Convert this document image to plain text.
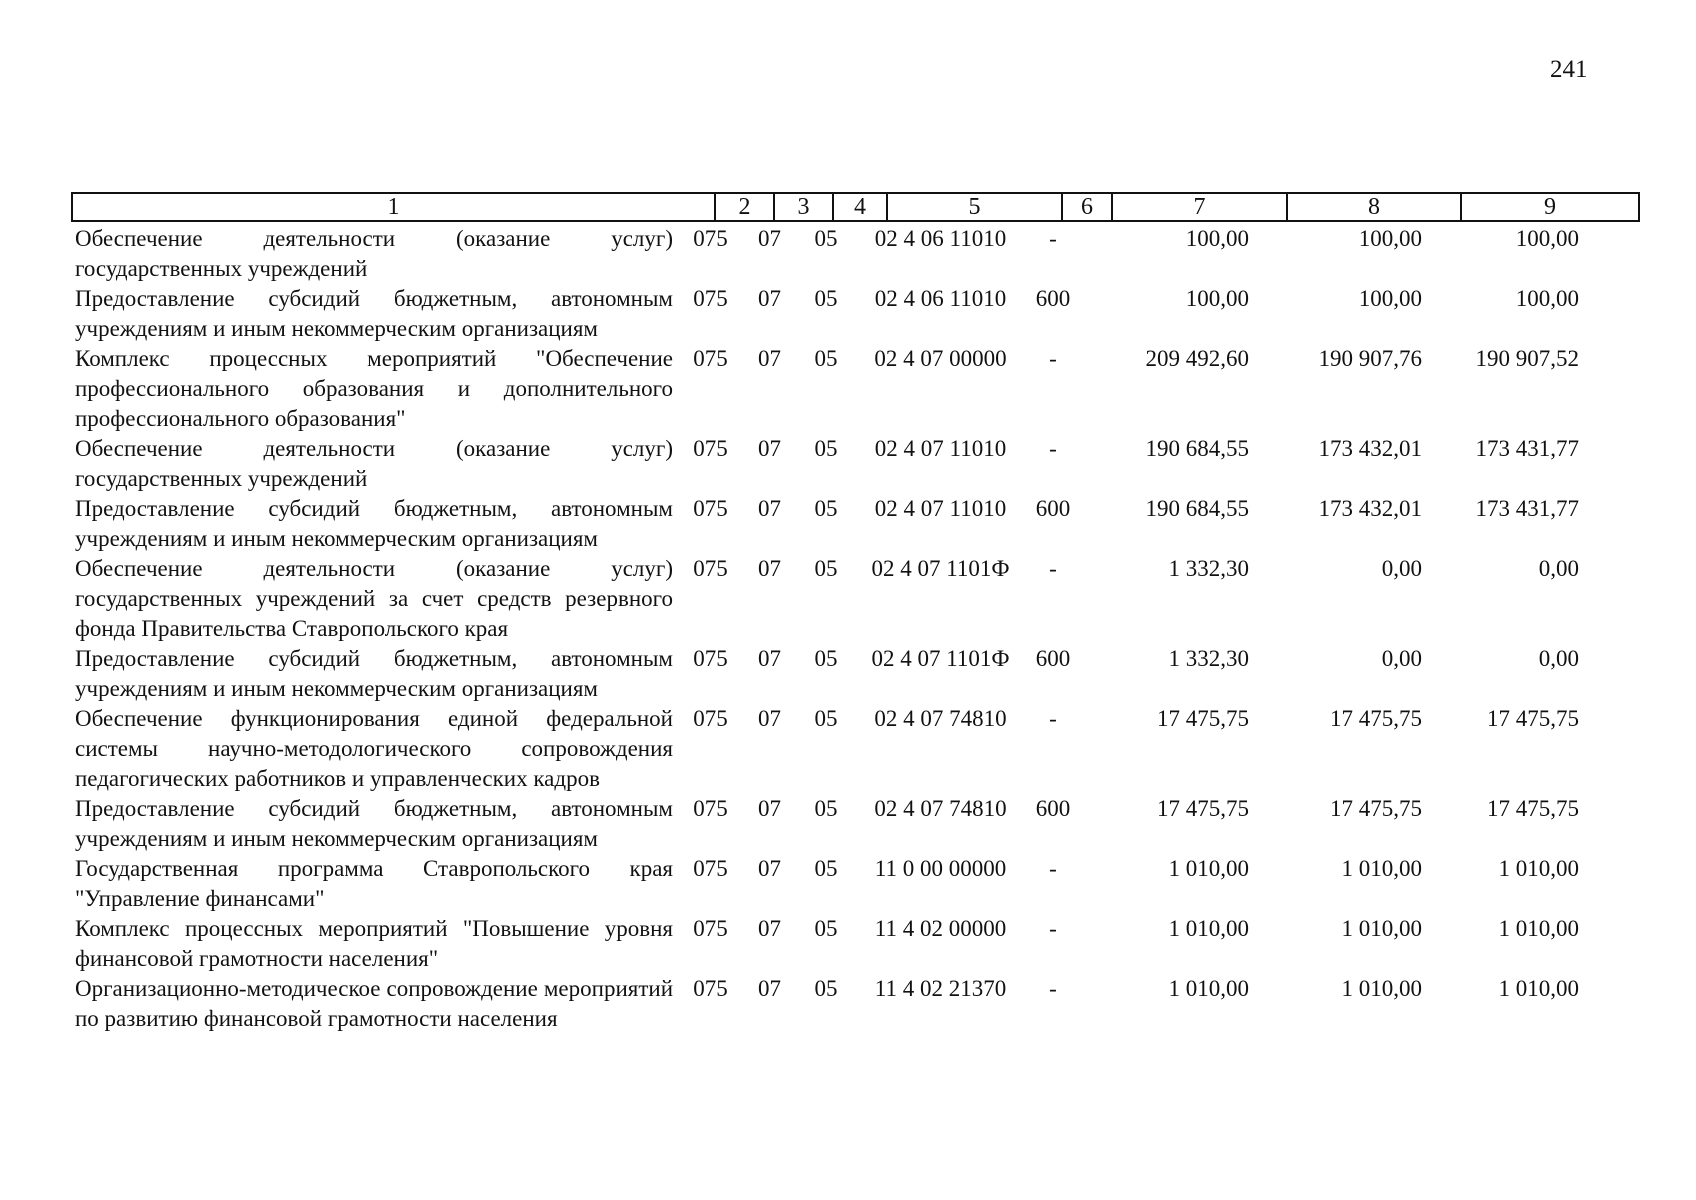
241
1	2	3	4	5	6	7	8	9
Обеспечение деятельности (оказание услуг) государственных учреждений
075	07	05	02 4 06 11010	-	100,00	100,00	100,00
Предоставление субсидий бюджетным, автономным учреждениям и иным некоммерческим организациям
075	07	05	02 4 06 11010	600	100,00	100,00	100,00
Комплекс процессных мероприятий "Обеспечение профессионального образования и дополнительного профессионального образования"
075	07	05	02 4 07 00000	-	209 492,60	190 907,76	190 907,52
Обеспечение деятельности (оказание услуг) государственных учреждений
075	07	05	02 4 07 11010	-	190 684,55	173 432,01	173 431,77
Предоставление субсидий бюджетным, автономным учреждениям и иным некоммерческим организациям
075	07	05	02 4 07 11010	600	190 684,55	173 432,01	173 431,77
Обеспечение деятельности (оказание услуг) государственных учреждений за счет средств резервного фонда Правительства Ставропольского края
075	07	05	02 4 07 1101Ф	-	1 332,30	0,00	0,00
Предоставление субсидий бюджетным, автономным учреждениям и иным некоммерческим организациям
075	07	05	02 4 07 1101Ф	600	1 332,30	0,00	0,00
Обеспечение функционирования единой федеральной системы научно-методологического сопровождения педагогических работников и управленческих кадров
075	07	05	02 4 07 74810	-	17 475,75	17 475,75	17 475,75
Предоставление субсидий бюджетным, автономным учреждениям и иным некоммерческим организациям
075	07	05	02 4 07 74810	600	17 475,75	17 475,75	17 475,75
Государственная программа Ставропольского края "Управление финансами"
075	07	05	11 0 00 00000	-	1 010,00	1 010,00	1 010,00
Комплекс процессных мероприятий "Повышение уровня финансовой грамотности населения"
075	07	05	11 4 02 00000	-	1 010,00	1 010,00	1 010,00
Организационно-методическое сопровождение мероприятий по развитию финансовой грамотности населения
075	07	05	11 4 02 21370	-	1 010,00	1 010,00	1 010,00
